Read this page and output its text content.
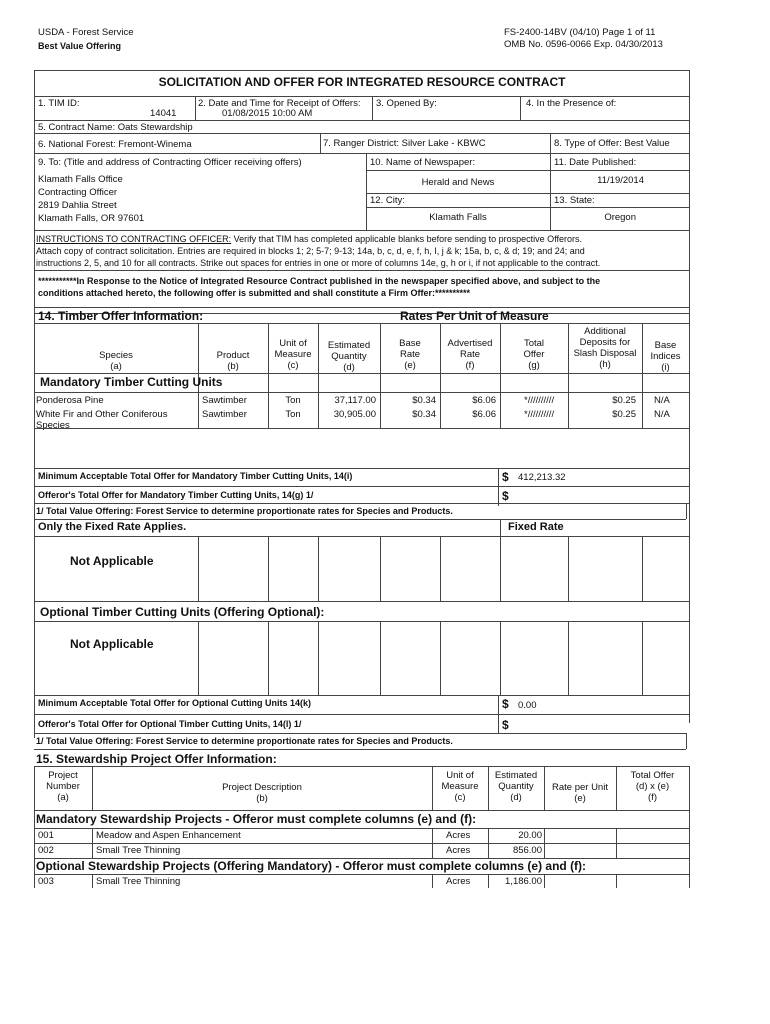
USDA - Forest Service
Best Value Offering
FS-2400-14BV (04/10) Page 1 of 11
OMB No. 0596-0066 Exp. 04/30/2013
SOLICITATION AND OFFER FOR INTEGRATED RESOURCE CONTRACT
1. TIM ID:
14041
2. Date and Time for Receipt of Offers:
01/08/2015 10:00 AM
3. Opened By:	4. In the Presence of:
5. Contract Name: Oats Stewardship
6. National Forest: Fremont-Winema	7. Ranger District: Silver Lake - KBWC	8. Type of Offer: Best Value
9. To: (Title and address of Contracting Officer receiving offers)
Klamath Falls Office
Contracting Officer
2819 Dahlia Street
Klamath Falls, OR 97601
10. Name of Newspaper:
Herald and News
11. Date Published:
11/19/2014
12. City:
Klamath Falls
13. State:
Oregon
INSTRUCTIONS TO CONTRACTING OFFICER: Verify that TIM has completed applicable blanks before sending to prospective Offerors.
Attach copy of contract solicitation. Entries are required in blocks 1; 2; 5-7; 9-13; 14a, b, c, d, e, f, h, I, j & k; 15a, b, c, & d; 19; and 24; and
instructions 2, 5, and 10 for all contracts. Strike out spaces for entries in one or more of columns 14e, g, h or i, if not applicable to the contract.
***********In Response to the Notice of Integrated Resource Contract published in the newspaper specified above, and subject to the
conditions attached hereto, the following offer is submitted and shall constitute a Firm Offer:**********
14. Timber Offer Information:	Rates Per Unit of Measure
Species
(a)
Product
(b)
Unit of
Measure
(c)
Estimated
Quantity
(d)
Base
Rate
(e)
Advertised
Rate
(f)
Total
Offer
(g)
Additional
Deposits for
Slash Disposal
(h)
Base
Indices
(i)
Mandatory Timber Cutting Units
Ponderosa Pine	Sawtimber	Ton	37,117.00	$0.34	$6.06	*//////////	$0.25 N/A
White Fir and Other Coniferous
Species
Sawtimber	Ton	30,905.00	$0.34	$6.06	*//////////	$0.25 N/A
Minimum Acceptable Total Offer for Mandatory Timber Cutting Units, 14(i)	$ 412,213.32
Offeror's Total Offer for Mandatory Timber Cutting Units, 14(g) 1/	$
1/ Total Value Offering: Forest Service to determine proportionate rates for Species and Products.
Only the Fixed Rate Applies.	Fixed Rate
Not Applicable
Optional Timber Cutting Units (Offering Optional):
Not Applicable
Minimum Acceptable Total Offer for Optional Cutting Units 14(k)	$ 0.00
Offeror's Total Offer for Optional Timber Cutting Units, 14(l) 1/	$
1/ Total Value Offering: Forest Service to determine proportionate rates for Species and Products.
15. Stewardship Project Offer Information:
Project
Number
(a)
Project Description
(b)
Unit of
Measure
(c)
Estimated
Quantity
(d)
Rate per Unit
(e)
Total Offer
(d) x (e)
(f)
Mandatory Stewardship Projects - Offeror must complete columns (e) and (f):
001	Meadow and Aspen Enhancement	Acres	20.00
002	Small Tree Thinning	Acres	856.00
Optional Stewardship Projects (Offering Mandatory) - Offeror must complete columns (e) and (f):
003	Small Tree Thinning	Acres	1,186.00
